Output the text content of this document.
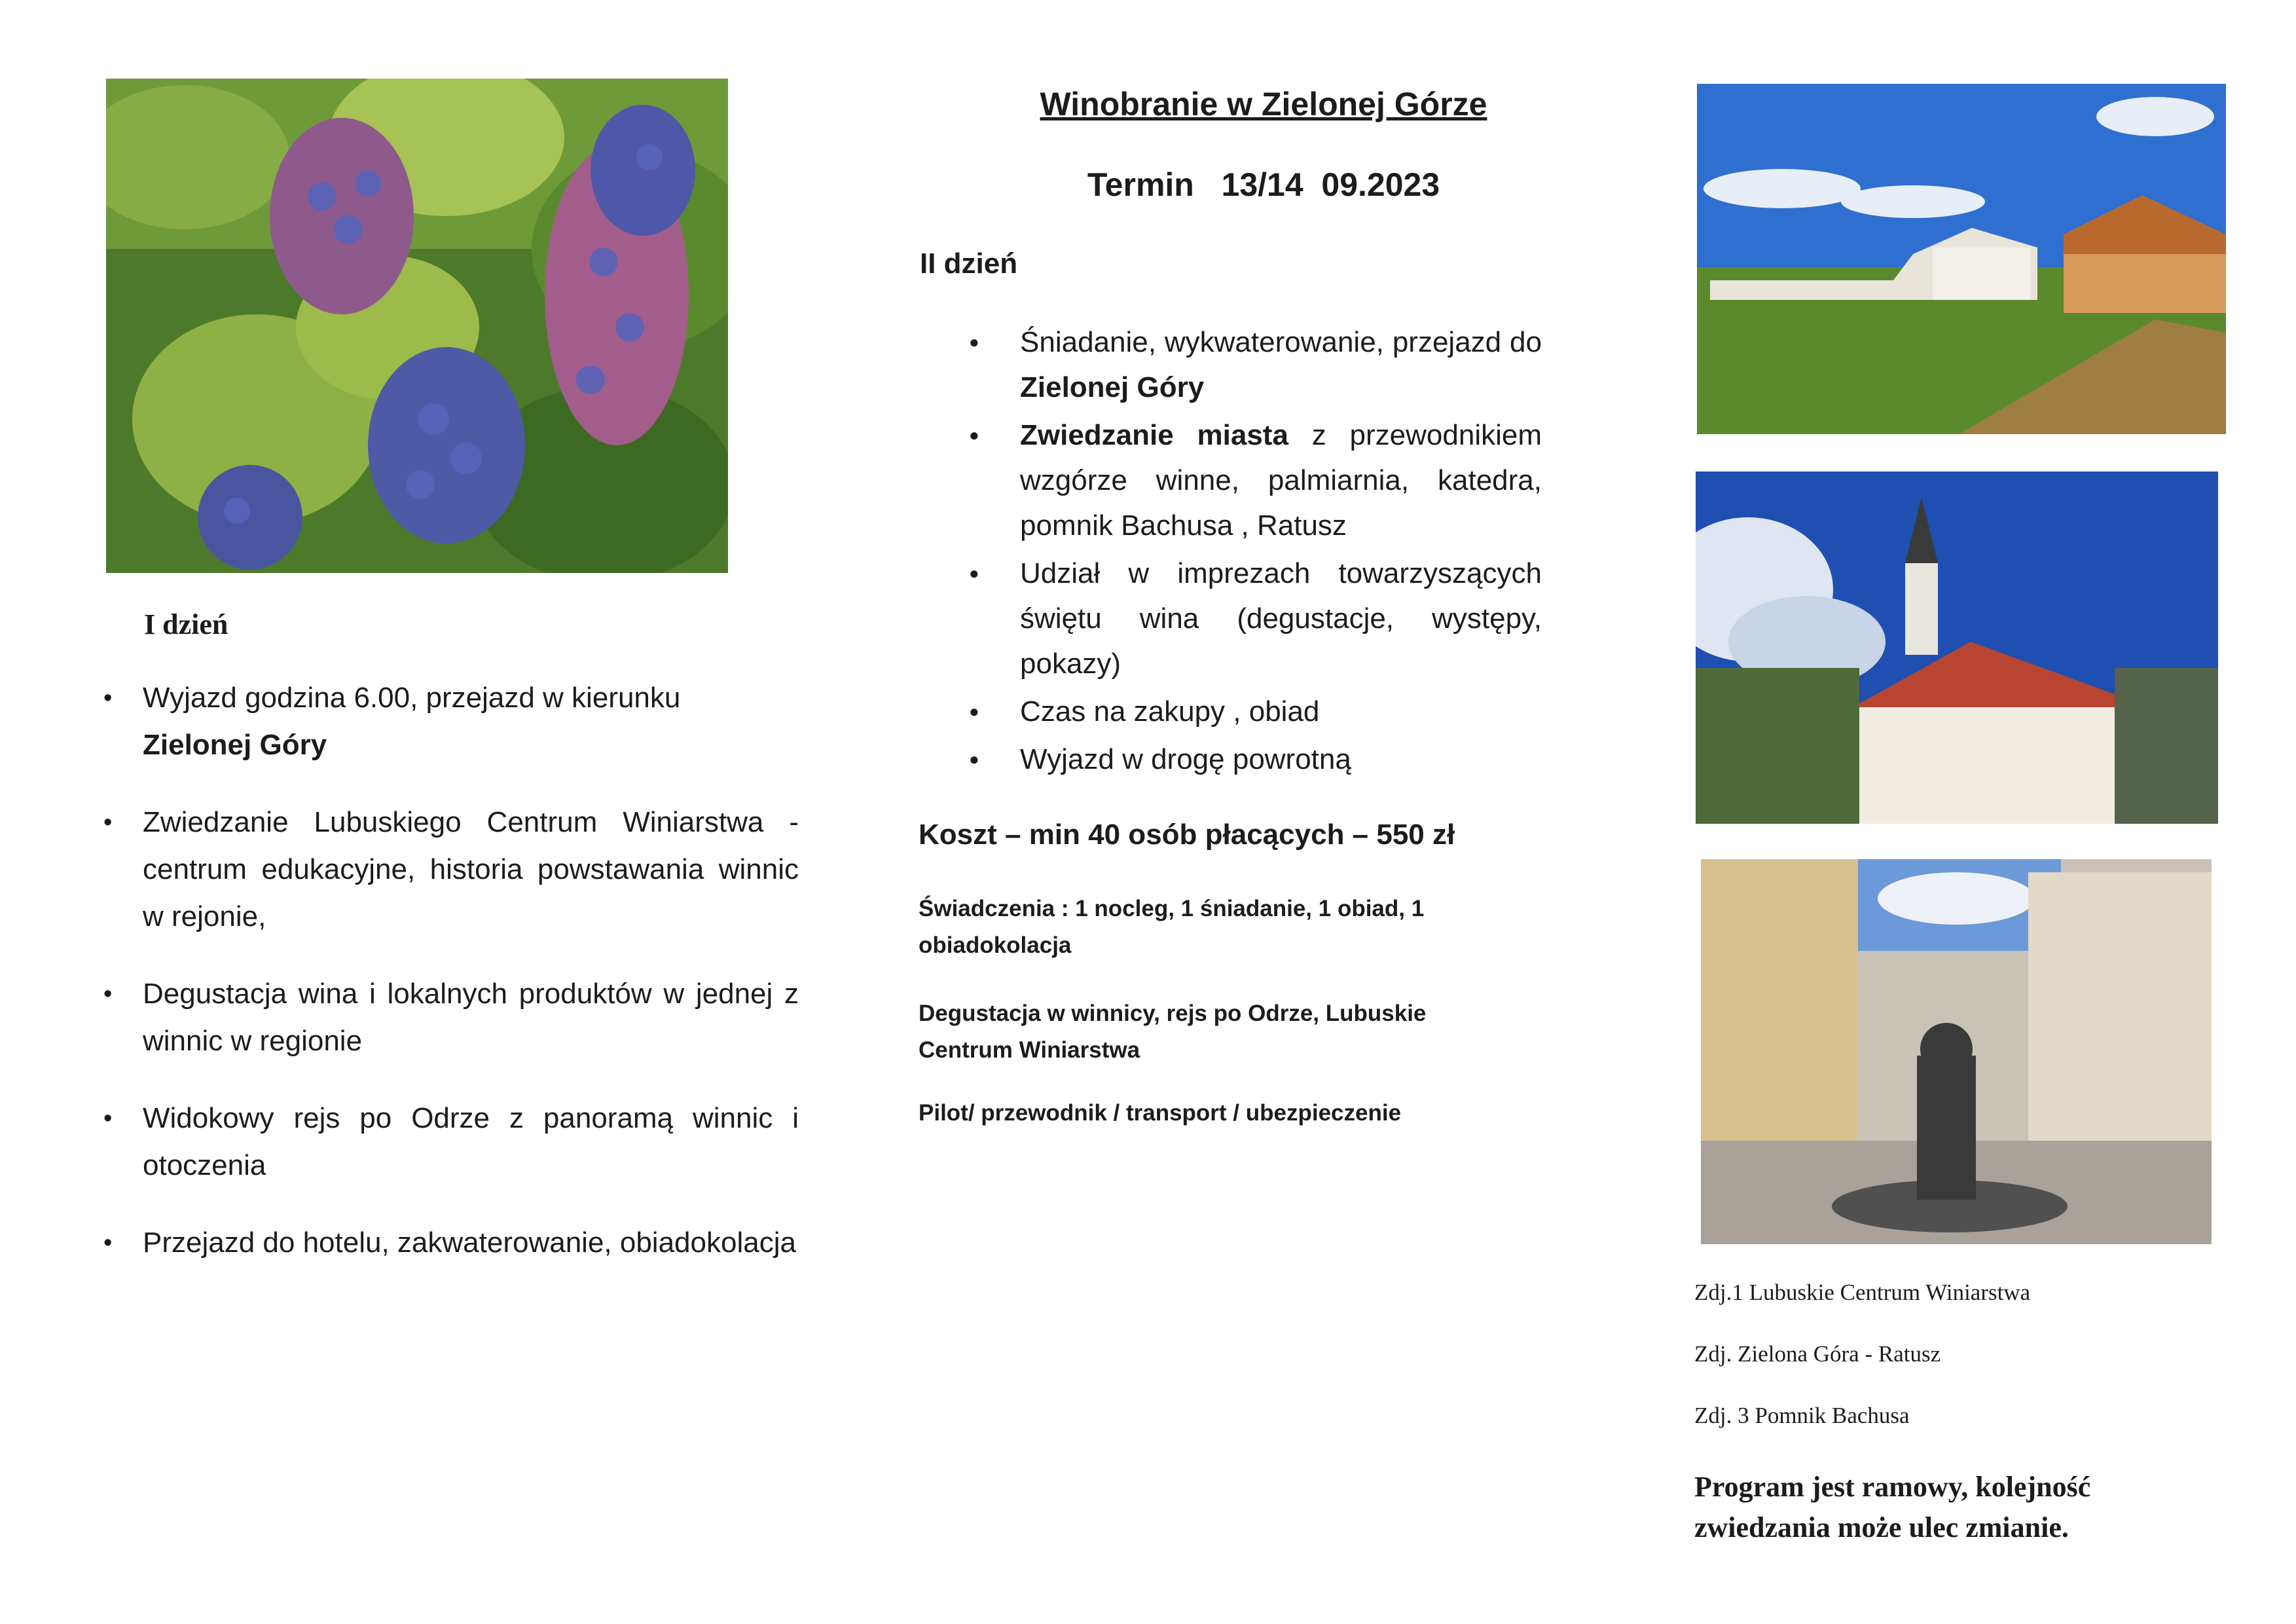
I dzień
• Wyjazd godzina 6.00, przejazd w kierunku
Zielonej Góry
• Zwiedzanie Lubuskiego Centrum Winiarstwa - centrum edukacyjne, historia powstawania winnic w rejonie,
• Degustacja wina i lokalnych produktów w jednej z winnic w regionie
• Widokowy rejs po Odrze z panoramą winnic i otoczenia
• Przejazd do hotelu, zakwaterowanie, obiadokolacja
Winobranie w Zielonej Górze
Termin   13/14  09.2023
II dzień
● Śniadanie, wykwaterowanie, przejazd do Zielonej Góry
● Zwiedzanie miasta z przewodnikiem wzgórze winne, palmiarnia, katedra, pomnik Bachusa , Ratusz
● Udział w imprezach towarzyszących świętu wina (degustacje, występy, pokazy)
● Czas na zakupy , obiad
● Wyjazd w drogę powrotną
Koszt – min 40 osób płacących – 550 zł
Świadczenia : 1 nocleg, 1 śniadanie, 1 obiad, 1 obiadokolacja
Degustacja w winnicy, rejs po Odrze, Lubuskie Centrum Winiarstwa
Pilot/ przewodnik / transport / ubezpieczenie
Zdj.1 Lubuskie Centrum Winiarstwa
Zdj. Zielona Góra - Ratusz
Zdj. 3 Pomnik Bachusa
Program jest ramowy, kolejność zwiedzania może ulec zmianie.
